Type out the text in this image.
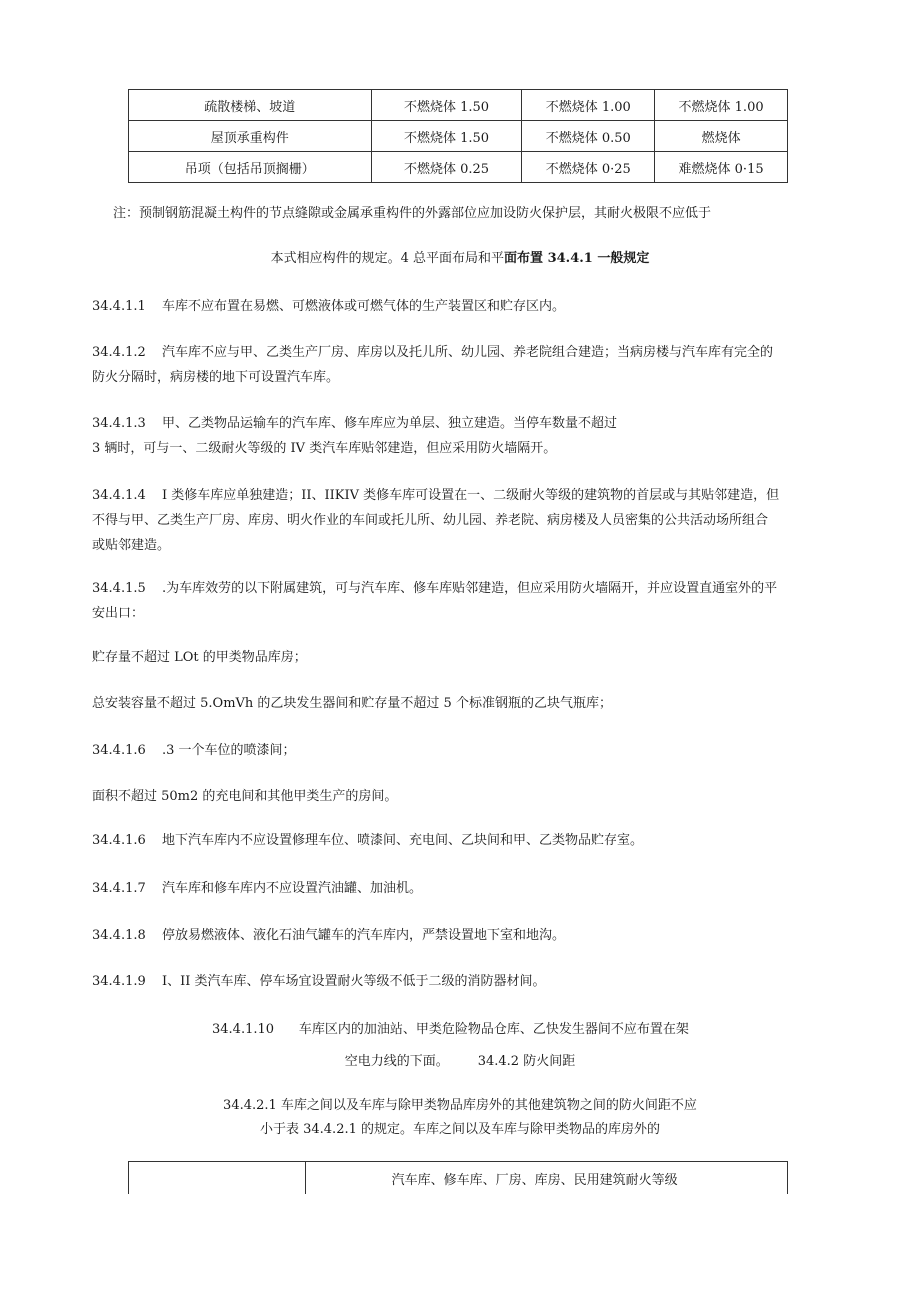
疏散楼梯、坡道	不燃烧体 1.50	不燃烧体 1.00	不燃烧体 1.00
屋顶承重构件	不燃烧体 1.50	不燃烧体 0.50	燃烧体
吊项（包括吊顶搁栅）	不燃烧体 0.25	不燃烧体 0·25	难燃烧体 0·15
注：预制钢筋混凝土构件的节点缝隙或金属承重构件的外露部位应加设防火保护层，其耐火极限不应低于
本式相应构件的规定。4 总平面布局和平面布置 34.4.1 一般规定
34.4.1.1 车库不应布置在易燃、可燃液体或可燃气体的生产装置区和贮存区内。
34.4.1.2 汽车库不应与甲、乙类生产厂房、库房以及托儿所、幼儿园、养老院组合建造；当病房楼与汽车库有完全的
防火分隔时，病房楼的地下可设置汽车库。
34.4.1.3 甲、乙类物品运输车的汽车库、修车库应为单层、独立建造。当停车数量不超过
3 辆时，可与一、二级耐火等级的 IV 类汽车库贴邻建造，但应采用防火墙隔开。
34.4.1.4 I 类修车库应单独建造；II、IIKIV 类修车库可设置在一、二级耐火等级的建筑物的首层或与其贴邻建造，但
不得与甲、乙类生产厂房、库房、明火作业的车间或托儿所、幼儿园、养老院、病房楼及人员密集的公共活动场所组合
或贴邻建造。
34.4.1.5 .为车库效劳的以下附属建筑，可与汽车库、修车库贴邻建造，但应采用防火墙隔开，并应设置直通室外的平
安出口：
贮存量不超过 LOt 的甲类物品库房；
总安装容量不超过 5.OmVh 的乙块发生器间和贮存量不超过 5 个标准钢瓶的乙块气瓶库；
34.4.1.6 .3 一个车位的喷漆间；
面积不超过 50m2 的充电间和其他甲类生产的房间。
34.4.1.6 地下汽车库内不应设置修理车位、喷漆间、充电间、乙块间和甲、乙类物品贮存室。
34.4.1.7 汽车库和修车库内不应设置汽油罐、加油机。
34.4.1.8 停放易燃液体、液化石油气罐车的汽车库内，严禁设置地下室和地沟。
34.4.1.9 I、II 类汽车库、停车场宜设置耐火等级不低于二级的消防器材间。
34.4.1.10      车库区内的加油站、甲类危险物品仓库、乙快发生器间不应布置在架
空电力线的下面。       34.4.2 防火间距
34.4.2.1 车库之间以及车库与除甲类物品库房外的其他建筑物之间的防火间距不应
小于表 34.4.2.1 的规定。车库之间以及车库与除甲类物品的库房外的
	汽车库、修车库、厂房、库房、民用建筑耐火等级
